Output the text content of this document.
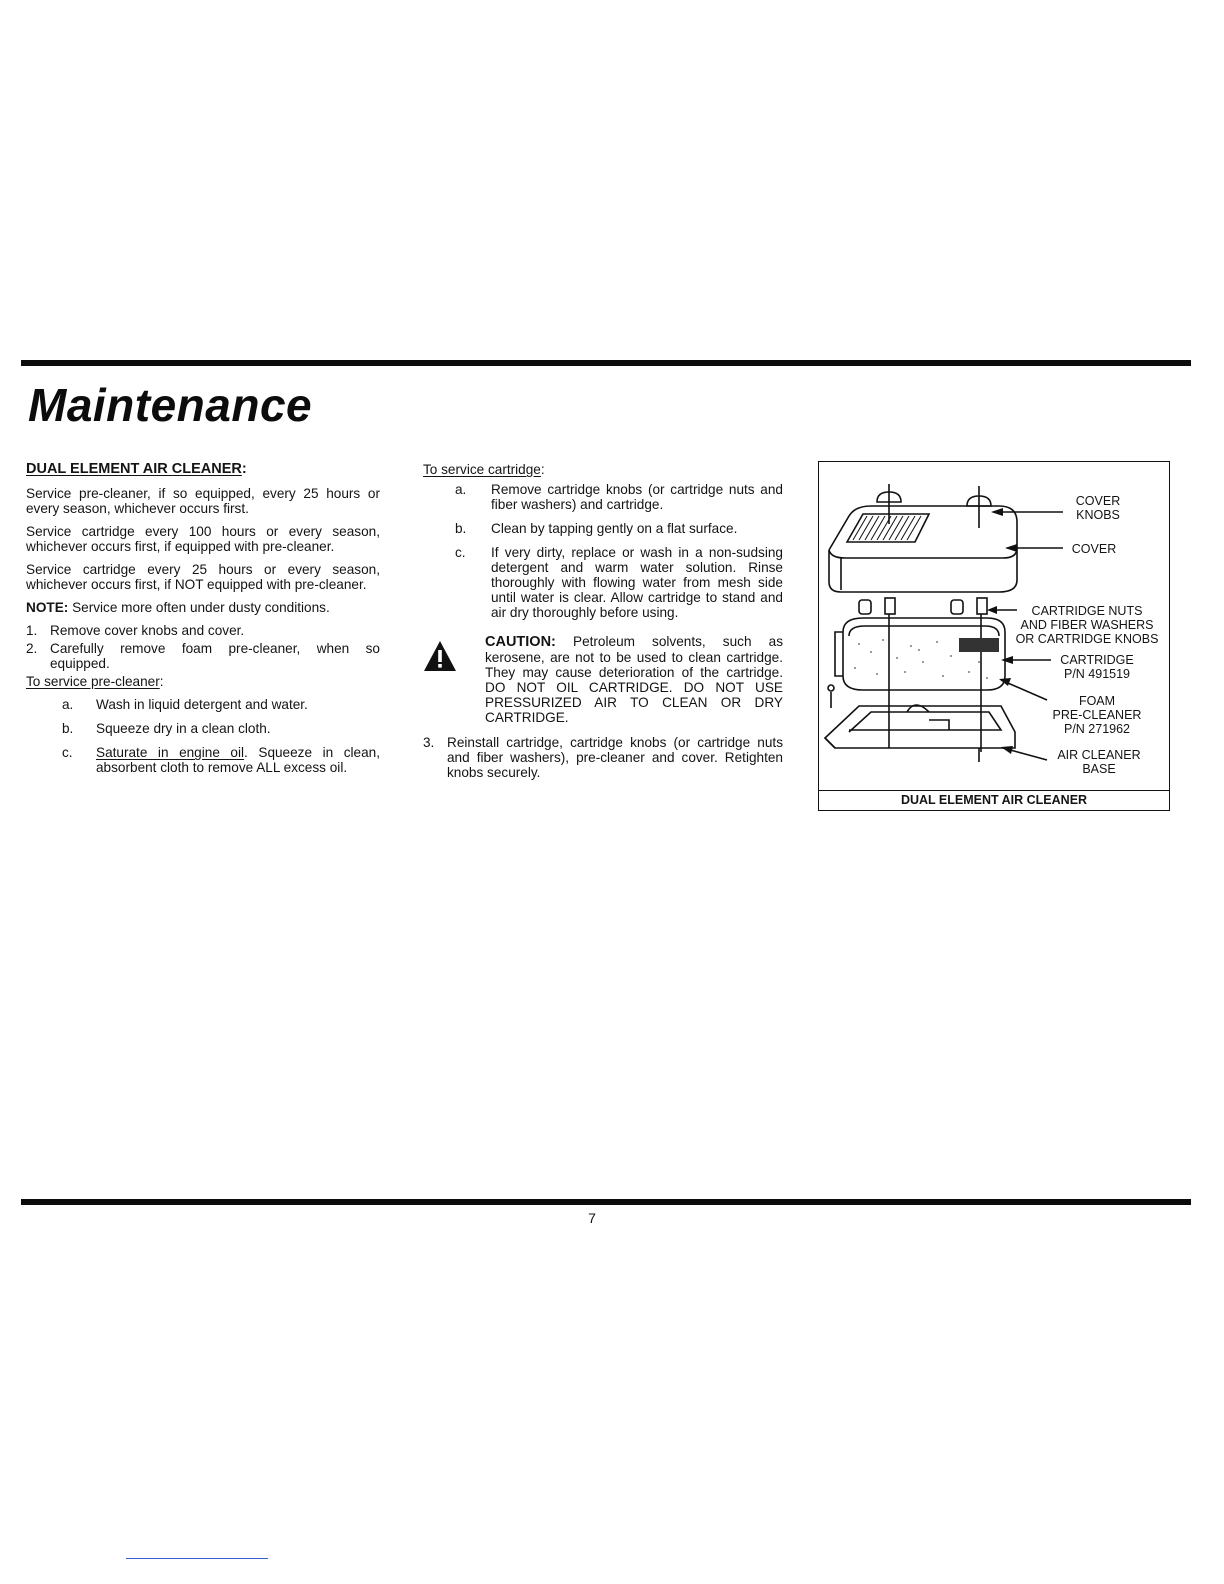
Maintenance
DUAL ELEMENT AIR CLEANER:

Service pre-cleaner, if so equipped, every 25 hours or every season, whichever occurs first.

Service cartridge every 100 hours or every season, whichever occurs first, if equipped with pre-cleaner.

Service cartridge every 25 hours or every season, whichever occurs first, if NOT equipped with pre-cleaner.

NOTE: Service more often under dusty conditions.

1. Remove cover knobs and cover.
2. Carefully remove foam pre-cleaner, when so equipped.
To service pre-cleaner:
a.	Wash in liquid detergent and water.
b.	Squeeze dry in a clean cloth.
c.	Saturate in engine oil. Squeeze in clean, absorbent cloth to remove ALL excess oil.
To service cartridge:
a.	Remove cartridge knobs (or cartridge nuts and fiber washers) and cartridge.
b.	Clean by tapping gently on a flat surface.
c.	If very dirty, replace or wash in a non-sudsing detergent and warm water solution. Rinse thoroughly with flowing water from mesh side until water is clear. Allow cartridge to stand and air dry thoroughly before using.
CAUTION: Petroleum solvents, such as kerosene, are not to be used to clean cartridge. They may cause deterioration of the cartridge. DO NOT OIL CARTRIDGE. DO NOT USE PRESSURIZED AIR TO CLEAN OR DRY CARTRIDGE.
3. Reinstall cartridge, cartridge knobs (or cartridge nuts and fiber washers), pre-cleaner and cover. Retighten knobs securely.
COVER
KNOBS
COVER
CARTRIDGE NUTS
AND FIBER WASHERS
OR CARTRIDGE KNOBS
CARTRIDGE
P/N 491519
FOAM
PRE-CLEANER
P/N 271962
AIR CLEANER
BASE
DUAL ELEMENT AIR CLEANER
7
